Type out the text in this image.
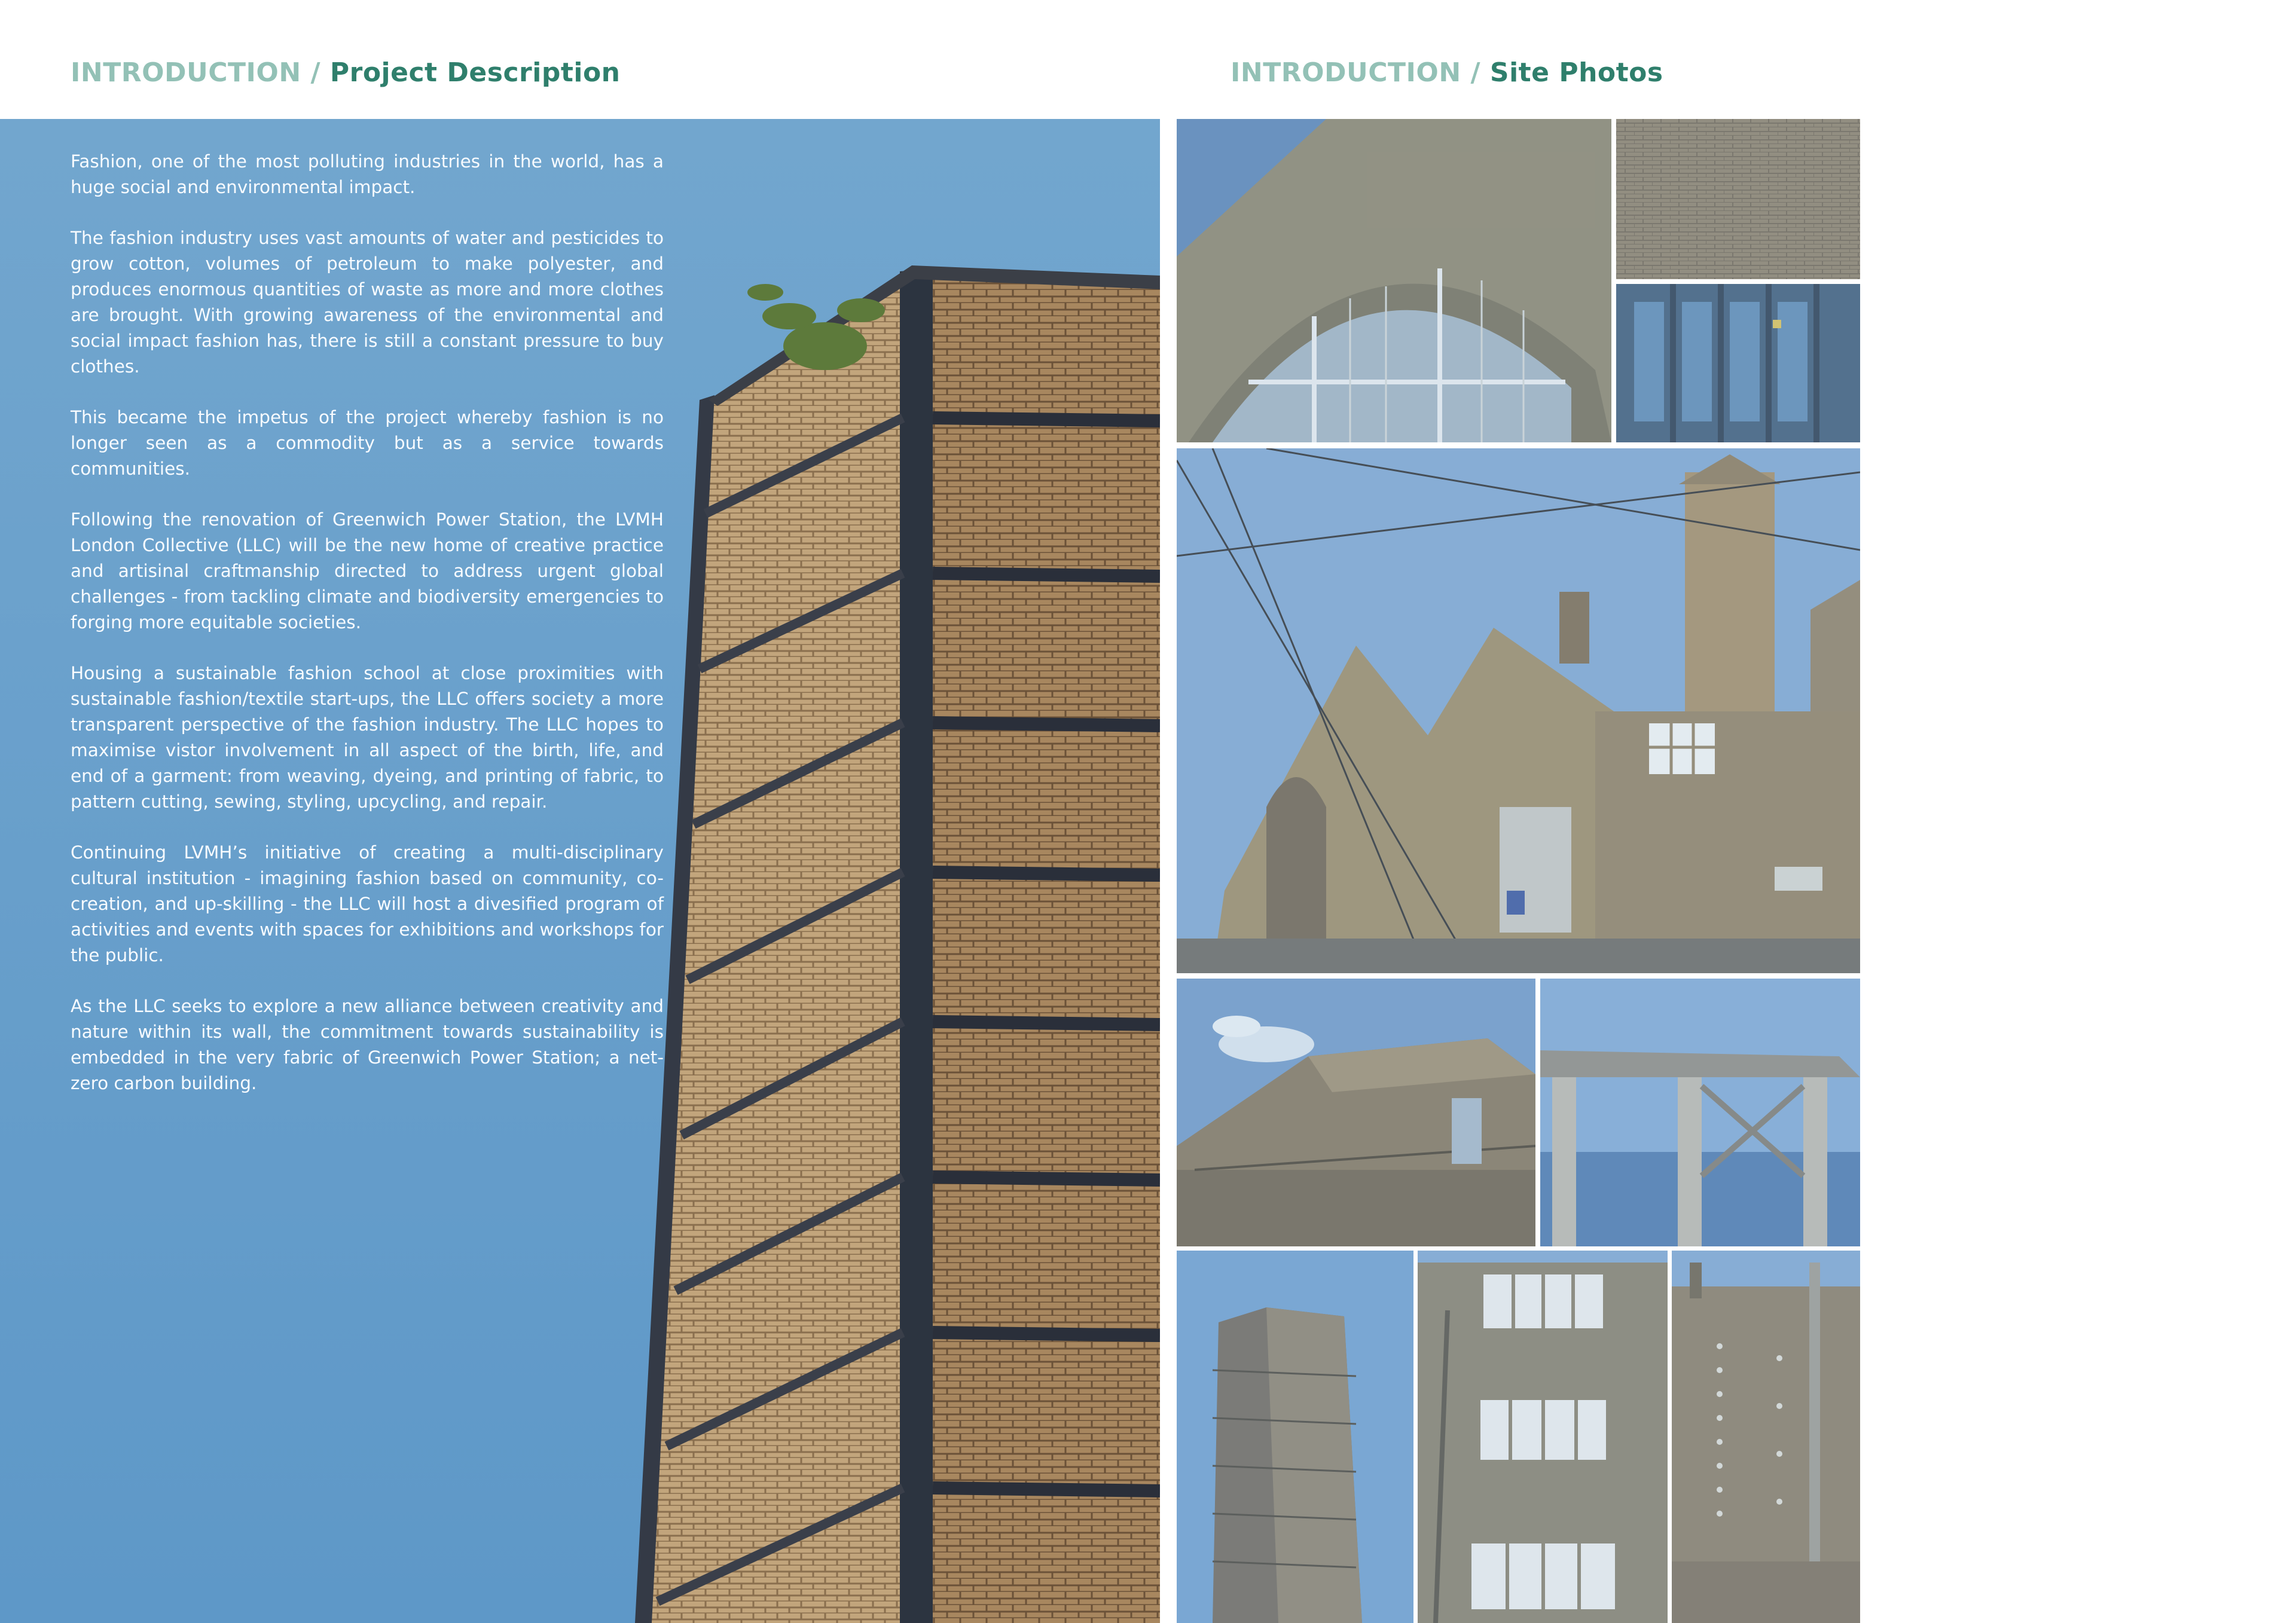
INTRODUCTION / Project Description	INTRODUCTION / Site Photos

Fashion, one of the most polluting industries in the world, has a huge social and environmental impact.

The fashion industry uses vast amounts of water and pesticides to grow cotton, volumes of petroleum to make polyester, and produces enormous quantities of waste as more and more clothes are brought. With growing awareness of the environmental and social impact fashion has, there is still a constant pressure to buy clothes.

This became the impetus of the project whereby fashion is no longer seen as a commodity but as a service towards communities.

Following the renovation of Greenwich Power Station, the LVMH London Collective (LLC) will be the new home of creative practice and artisinal craftmanship directed to address urgent global challenges - from tackling climate and biodiversity emergencies to forging more equitable societies.

Housing a sustainable fashion school at close proximities with sustainable fashion/textile start-ups, the LLC offers society a more transparent perspective of the fashion industry. The LLC hopes to maximise vistor involvement in all aspect of the birth, life, and end of a garment: from weaving, dyeing, and printing of fabric, to pattern cutting, sewing, styling, upcycling, and repair.

Continuing LVMH’s initiative of creating a multi-disciplinary cultural institution - imagining fashion based on community, co-creation, and up-skilling - the LLC will host a divesified program of activities and events with spaces for exhibitions and workshops for the public.

As the LLC seeks to explore a new alliance between creativity and nature within its wall, the commitment towards sustainability is embedded in the very fabric of Greenwich Power Station; a net-zero carbon building.
